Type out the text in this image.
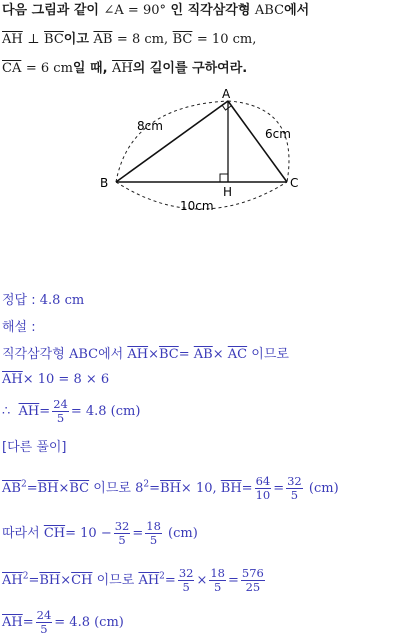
다음 그림과 같이 ∠A = 90° 인 직각삼각형 ABC에서
$\overline{AH}$ ⊥ $\overline{BC}$이고 $\overline{AB} = 8$ cm, $\overline{BC} = 10$ cm,
$\overline{CA} = 6$ cm일 때, $\overline{AH}$의 길이를 구하여라.
A
B	C
H
8cm
6cm
10cm
정답 : 4.8 cm
해설 :
직각삼각형 ABC에서 $\overline{AH}\times\overline{BC}= \overline{AB}\times \overline{AC}$ 이므로
$\overline{AH}\times 10 = 8 \times 6$
∴ $\overline{AH}= \frac{24}{5} = 4.8$ (cm)
[다른 풀이]
$\overline{AB}^2=\overline{BH}\times\overline{BC}$ 이므로 $8^2=\overline{BH}\times 10$, $\overline{BH}= \frac{64}{10} = \frac{32}{5} (cm)$
따라서 $\overline{CH}= 10 - \frac{32}{5} = \frac{18}{5} (cm)$
$\overline{AH}^2=\overline{BH}\times\overline{CH}$ 이므로 $\overline{AH}^2= \frac{32}{5} \times \frac{18}{5} = \frac{576}{25}$
$\overline{AH}= \frac{24}{5} = 4.8$ (cm)
